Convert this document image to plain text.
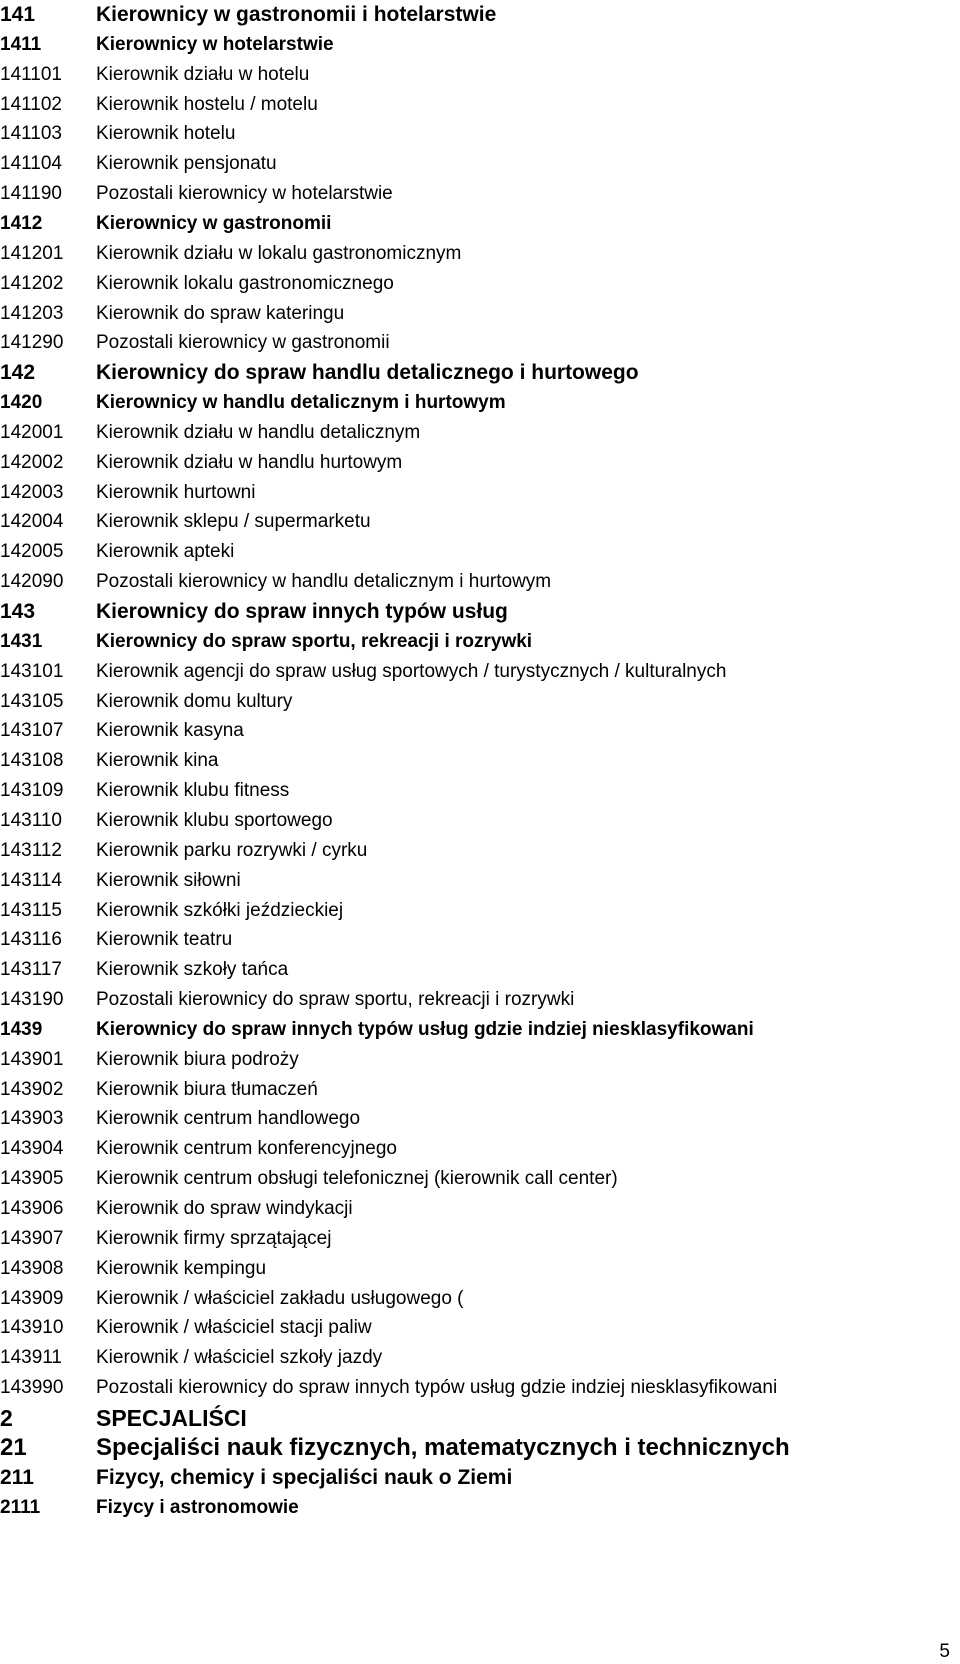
141	Kierownicy w gastronomii i hotelarstwie
1411	Kierownicy w hotelarstwie
141101 Kierownik działu w hotelu
141102 Kierownik hostelu / motelu
141103 Kierownik hotelu
141104 Kierownik pensjonatu
141190 Pozostali kierownicy w hotelarstwie
1412	Kierownicy w gastronomii
141201 Kierownik działu w lokalu gastronomicznym
141202 Kierownik lokalu gastronomicznego
141203 Kierownik do spraw kateringu
141290 Pozostali kierownicy w gastronomii
142	Kierownicy do spraw handlu detalicznego i hurtowego
1420	Kierownicy w handlu detalicznym i hurtowym
142001 Kierownik działu w handlu detalicznym
142002 Kierownik działu w handlu hurtowym
142003 Kierownik hurtowni
142004 Kierownik sklepu / supermarketu
142005 Kierownik apteki
142090 Pozostali kierownicy w handlu detalicznym i hurtowym
143	Kierownicy do spraw innych typów usług
1431	Kierownicy do spraw sportu, rekreacji i rozrywki
143101 Kierownik agencji do spraw usług sportowych / turystycznych / kulturalnych
143105 Kierownik domu kultury
143107 Kierownik kasyna
143108 Kierownik kina
143109 Kierownik klubu fitness
143110 Kierownik klubu sportowego
143112 Kierownik parku rozrywki / cyrku
143114 Kierownik siłowni
143115 Kierownik szkółki jeździeckiej
143116 Kierownik teatru
143117 Kierownik szkoły tańca
143190 Pozostali kierownicy do spraw sportu, rekreacji i rozrywki
1439	Kierownicy do spraw innych typów usług gdzie indziej niesklasyfikowani
143901 Kierownik biura podroży
143902 Kierownik biura tłumaczeń
143903 Kierownik centrum handlowego
143904 Kierownik centrum konferencyjnego
143905 Kierownik centrum obsługi telefonicznej (kierownik call center)
143906 Kierownik do spraw windykacji
143907 Kierownik firmy sprzątającej
143908 Kierownik kempingu
143909 Kierownik / właściciel zakładu usługowego (
143910 Kierownik / właściciel stacji paliw
143911 Kierownik / właściciel szkoły jazdy
143990 Pozostali kierownicy do spraw innych typów usług gdzie indziej niesklasyfikowani
2	SPECJALIŚCI
21	Specjaliści nauk fizycznych, matematycznych i technicznych
211	Fizycy, chemicy i specjaliści nauk o Ziemi
2111	Fizycy i astronomowie
5
